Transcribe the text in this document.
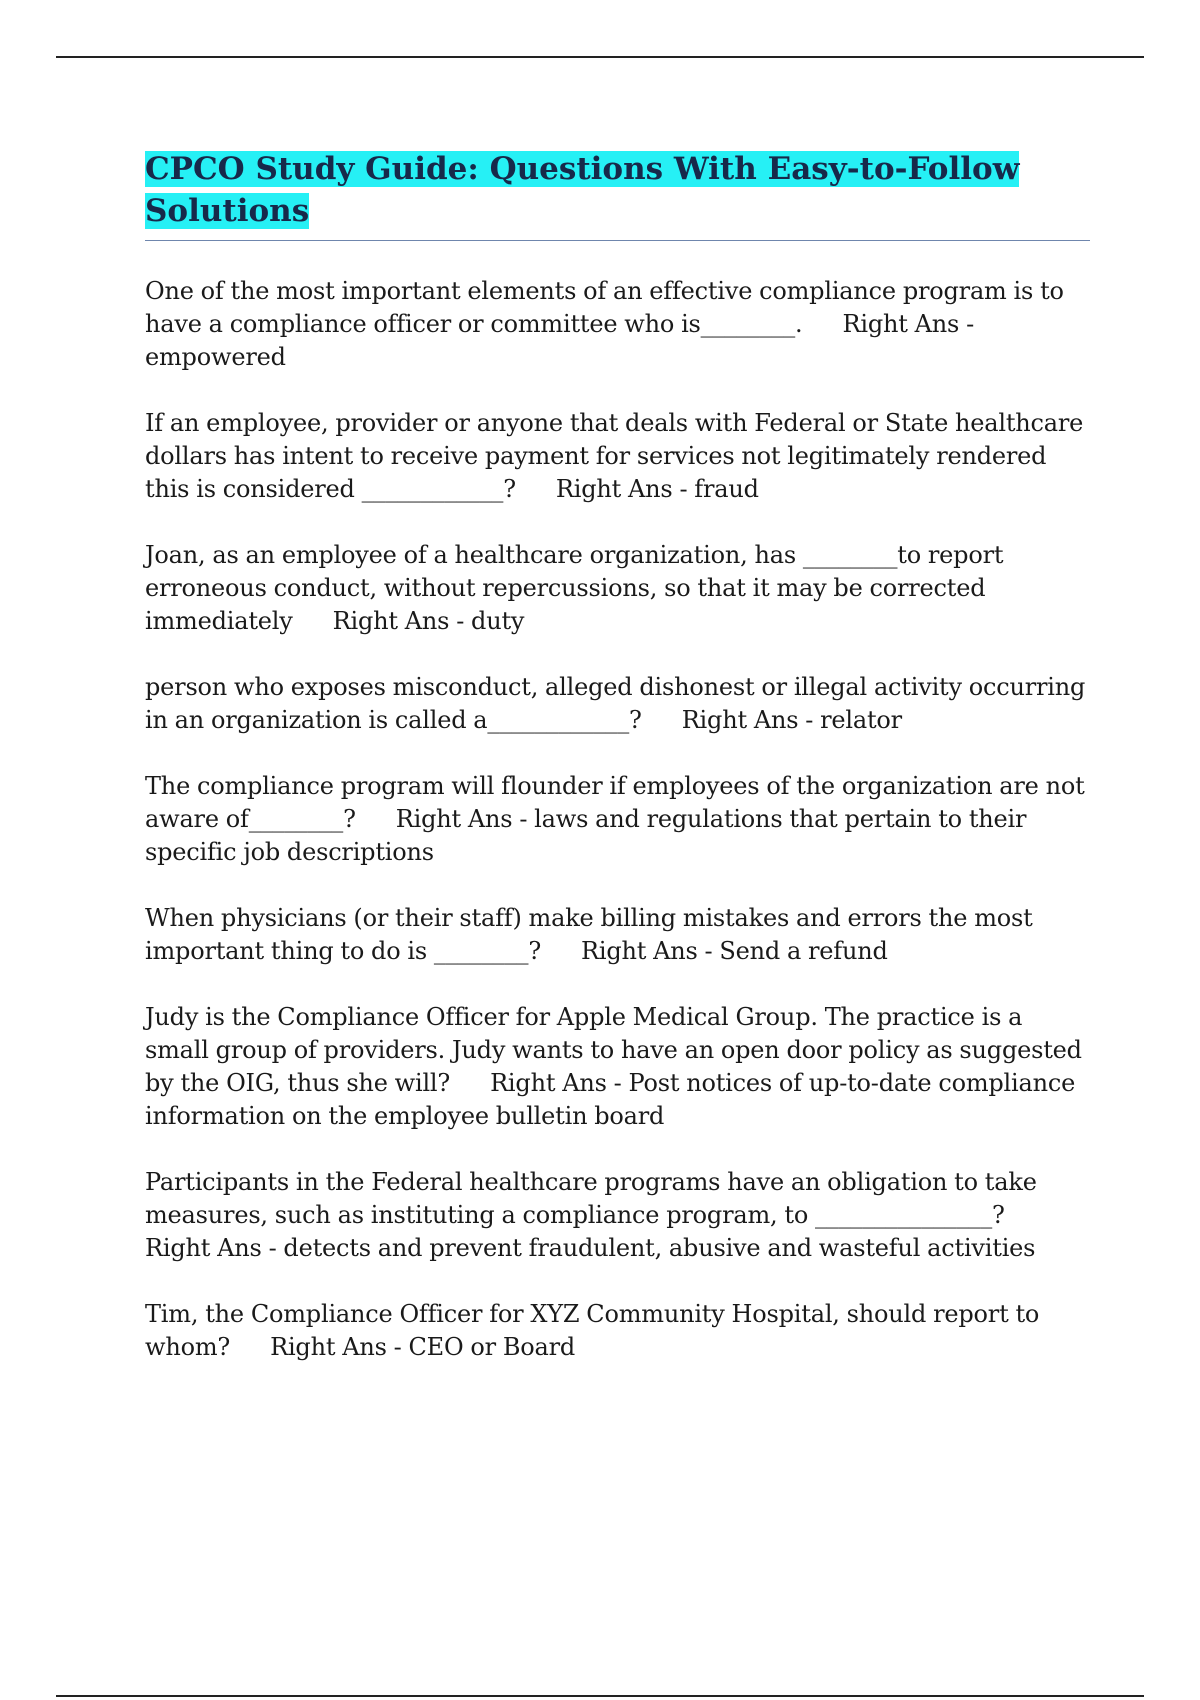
CPCO Study Guide: Questions With Easy-to-Follow Solutions

One of the most important elements of an effective compliance program is to have a compliance officer or committee who is________. Right Ans - empowered

If an employee, provider or anyone that deals with Federal or State healthcare dollars has intent to receive payment for services not legitimately rendered this is considered ____________? Right Ans - fraud

Joan, as an employee of a healthcare organization, has ________to report erroneous conduct, without repercussions, so that it may be corrected immediately Right Ans - duty

person who exposes misconduct, alleged dishonest or illegal activity occurring in an organization is called a____________? Right Ans - relator

The compliance program will flounder if employees of the organization are not aware of________? Right Ans - laws and regulations that pertain to their specific job descriptions

When physicians (or their staff) make billing mistakes and errors the most important thing to do is ________? Right Ans - Send a refund

Judy is the Compliance Officer for Apple Medical Group. The practice is a small group of providers. Judy wants to have an open door policy as suggested by the OIG, thus she will? Right Ans - Post notices of up-to-date compliance information on the employee bulletin board

Participants in the Federal healthcare programs have an obligation to take measures, such as instituting a compliance program, to _______________?Right Ans - detects and prevent fraudulent, abusive and wasteful activities

Tim, the Compliance Officer for XYZ Community Hospital, should report to whom? Right Ans - CEO or Board
